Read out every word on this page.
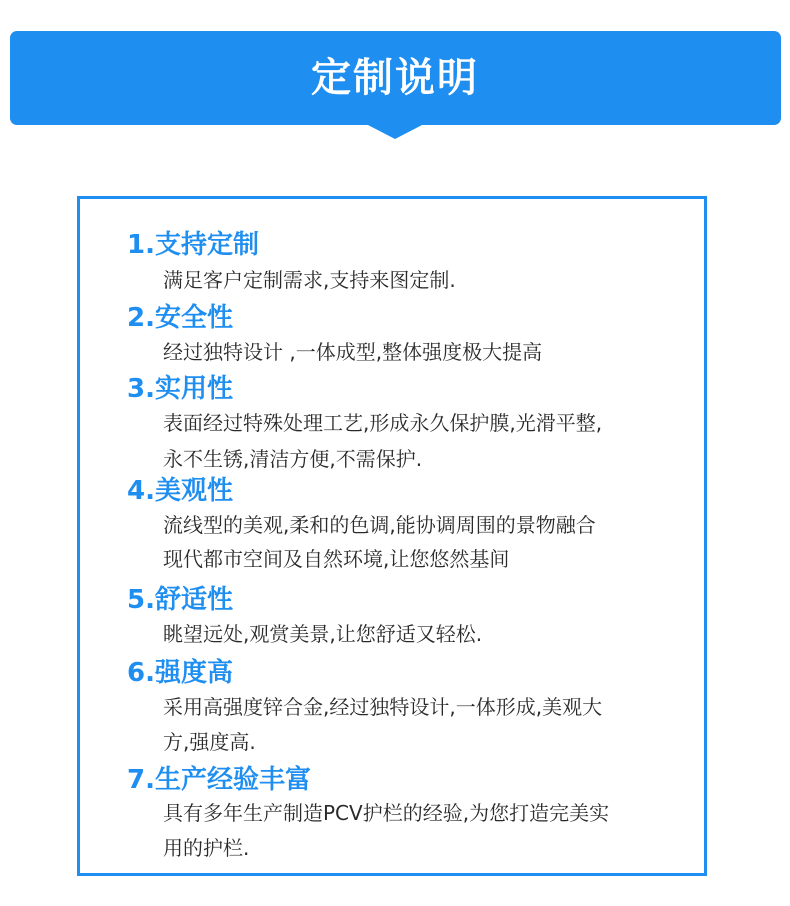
定制说明
1.支持定制
满足客户定制需求,支持来图定制.
2.安全性
经过独特设计 ,一体成型,整体强度极大提高
3.实用性
表面经过特殊处理工艺,形成永久保护膜,光滑平整,
永不生锈,清洁方便,不需保护.
4.美观性
流线型的美观,柔和的色调,能协调周围的景物融合
现代都市空间及自然环境,让您悠然基间
5.舒适性
眺望远处,观赏美景,让您舒适又轻松.
6.强度高
采用高强度锌合金,经过独特设计,一体形成,美观大
方,强度高.
7.生产经验丰富
具有多年生产制造PCV护栏的经验,为您打造完美实
用的护栏.
